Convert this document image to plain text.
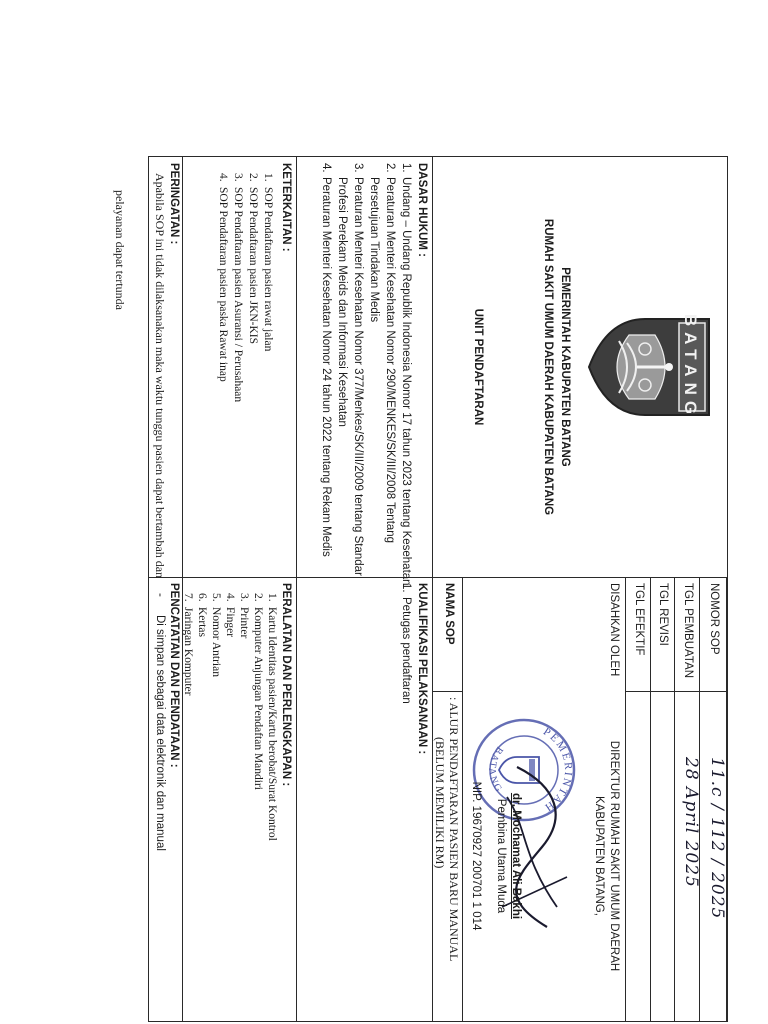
BATANG
PEMERINTAH KABUPATEN BATANG
RUMAH SAKIT UMUM DAERAH KABUPATEN BATANG
UNIT PENDAFTARAN
NOMOR SOP
11.c / 112 / 2025
TGL PEMBUATAN
28 April 2025
TGL REVISI
TGL EFEKTIF
DISAHKAN OLEH
DIREKTUR RUMAH SAKIT UMUM DAERAH
KABUPATEN BATANG,
PEMERINTAH
BATANG
dr. Mochamat Ali Bakhi
Pembina Utama Muda
NIP. 19670927 200701 1 014
NAMA SOP
: ALUR PENDAFTARAN PASIEN BARU MANUAL
(BELUM MEMILIKI RM)
DASAR HUKUM :
1.Undang – Undang Republik Indonesia Nomor 17 tahun 2023 tentang Kesehatan
2.Peraturan Menteri Kesehatan Nomor 290/MENKES/SK/III/2008 Tentang
Persetujuan Tindakan Medis
3.Peraturan Menteri Kesehatan Nomor 377/Menkes/SK/III/2009 tentang Standar
Profesi Perekam Meids dan Informasi Kesehatan
4.Peraturan Menteri Kesehatan Nomor 24 tahun 2022 tentang Rekam Medis
KUALIFIKASI PELAKSANAAN :
1.Petugas pendaftaran
KETERKAITAN :
1.SOP Pendaftaran pasien rawat jalan
2.SOP Pendaftaran pasien JKN-KIS
3.SOP Pendaftaran pasien Asuransi / Perusahaan
4.SOP Pendaftaran pasien paska Rawat inap
PERALATAN DAN PERLENGKAPAN :
1.Kartu Identitas pasien/Kartu berobat/Surat Kontrol
2.Komputer Anjungan Pendaftan Mandiri
3.Printer
4.Finger
5.Nomor Antrian
6.Kertas
7.Jaringan Komputer
PERINGATAN :
Apabila SOP ini tidak dilaksanakan maka waktu tunggu pasien dapat bertambah dan
PENCATATAN DAN PENDATAAN :
-Di simpan sebagai data elektronik dan manual
pelayanan dapat tertunda
